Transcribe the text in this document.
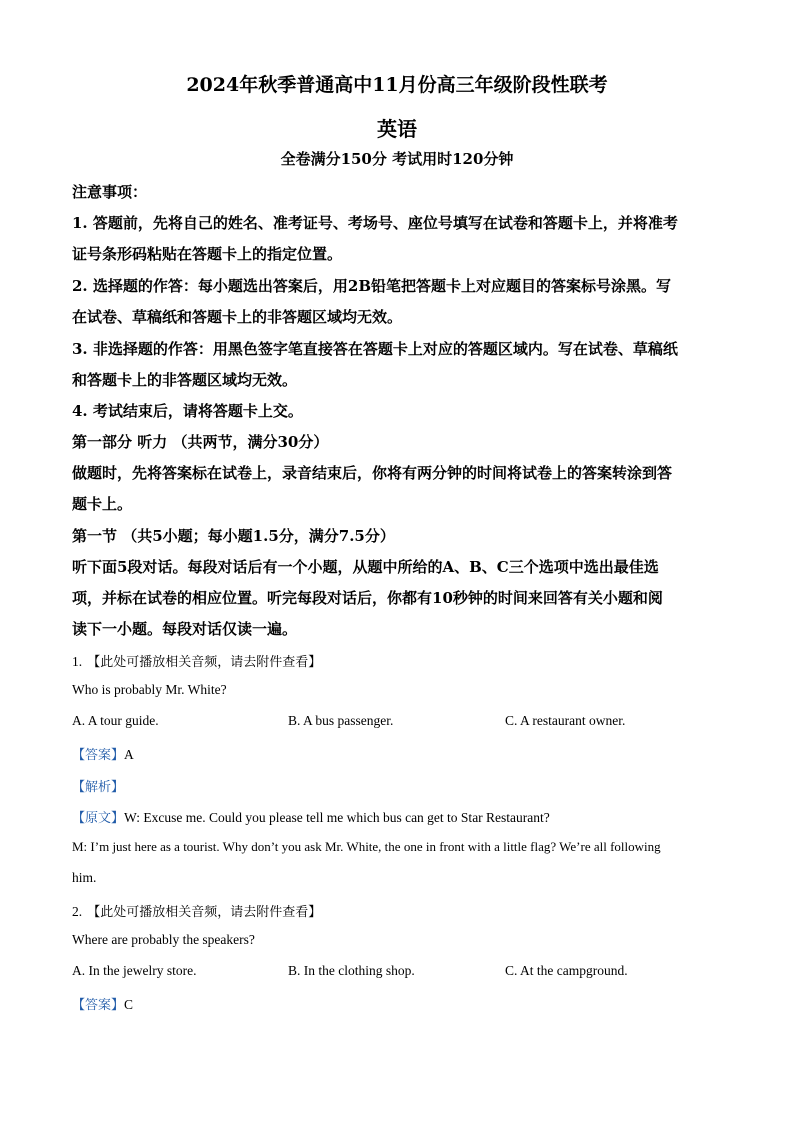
2024年秋季普通高中11月份高三年级阶段性联考
英语
全卷满分150分 考试用时120分钟
注意事项：
1. 答题前，先将自己的姓名、准考证号、考场号、座位号填写在试卷和答题卡上，并将准考
证号条形码粘贴在答题卡上的指定位置。
2. 选择题的作答：每小题选出答案后，用2B铅笔把答题卡上对应题目的答案标号涂黑。写
在试卷、草稿纸和答题卡上的非答题区域均无效。
3. 非选择题的作答：用黑色签字笔直接答在答题卡上对应的答题区域内。写在试卷、草稿纸
和答题卡上的非答题区域均无效。
4. 考试结束后，请将答题卡上交。
第一部分 听力 （共两节，满分30分）
做题时，先将答案标在试卷上，录音结束后，你将有两分钟的时间将试卷上的答案转涂到答
题卡上。
第一节 （共5小题；每小题1.5分，满分7.5分）
听下面5段对话。每段对话后有一个小题，从题中所给的A、B、C三个选项中选出最佳选
项，并标在试卷的相应位置。听完每段对话后，你都有10秒钟的时间来回答有关小题和阅
读下一小题。每段对话仅读一遍。
1. 【此处可播放相关音频，请去附件查看】
Who is probably Mr. White?
A. A tour guide.	B. A bus passenger.	C. A restaurant owner.
【答案】A
【解析】
【原文】W: Excuse me. Could you please tell me which bus can get to Star Restaurant?
M: I’m just here as a tourist. Why don’t you ask Mr. White, the one in front with a little flag? We’re all following
him.
2. 【此处可播放相关音频，请去附件查看】
Where are probably the speakers?
A. In the jewelry store.	B. In the clothing shop.	C. At the campground.
【答案】C
